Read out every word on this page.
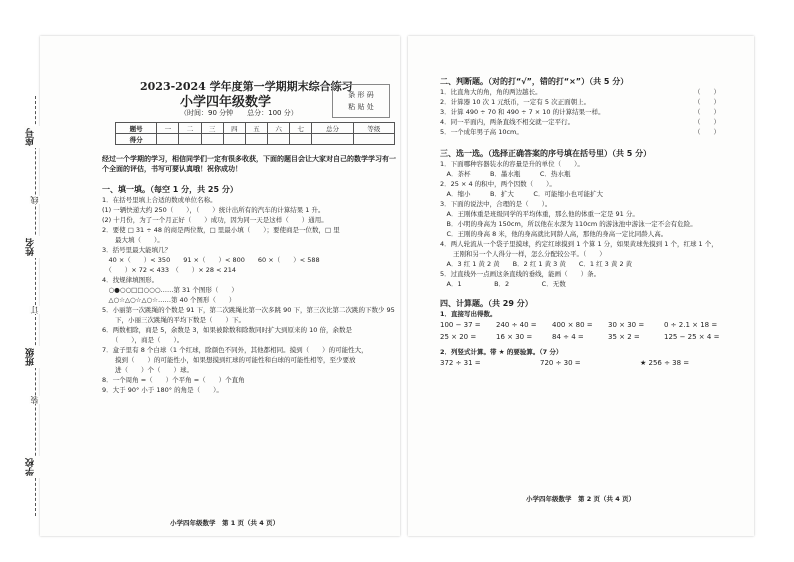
学校
班级
姓名
座号
线
订
装
2023-2024 学年度第一学期期末综合练习
小学四年级数学
（时间：90 分钟　　总分：100 分）
条 形 码
粘 贴 处
题号	一	二	三	四	五	六	七	总分	等级
得分									
经过一个学期的学习，相信同学们一定有很多收获，下面的题目会让大家对自己的数学学习有一个全面的评估，书写可要认真哦！祝你成功！
一、填一填。（每空 1 分，共 25 分）
1．在括号里填上合适的数或单位名称。
(1) 一辆快递大约 250（　　），（　　）统计出所有的汽车的计算结果 1 升。
(2) 十月份，为了一个月正好（　　）成功，因为同一天是这样（　　）通用。
2．要使 □ 31 ÷ 48 的商是两位数，□ 里最小填（　　）；要使商是一位数，□ 里
　　最大填（　　）。
3．括号里最大能填几？
　40 ×（　　）< 350　　91 ×（　　）< 800　　60 ×（　　）< 588
　（　　）× 72 < 433　（　　）× 28 < 214
4．找规律填图形。
　○●○○□□○○○……第 31 个图形（　　）
　△○☆△○☆△○☆……第 40 个图形（　　）
5．小丽第一次跳绳的个数是 91 下，第二次跳绳比第一次多跳 90 下，第三次比第二次跳的下数少 95
　　下，小丽三次跳绳的平均下数是（　　）下。
6．两数相除，商是 5，余数是 3，如果被除数和除数同时扩大到原来的 10 倍，余数是
　　（　　），商是（　　）。
7．盒子里有 8 个白球（1 个红球，除颜色不同外，其他都相同。摸到（　　）的可能性大，
　　摸到（　　）的可能性小，如果想摸到红球的可能性和白球的可能性相等，至少要放
　　进（　　）个（　　）球。
8．一个周角 =（　　）个平角 =（　　）个直角
9．大于 90° 小于 180° 的角是（　　）。
小学四年级数学　第 1 页（共 4 页）
二、判断题。（对的打“√”，错的打“×”）（共 5 分）
1．比直角大的角，角的两边越长。	（　　）
2．计算器 10 次 1 元纸币，一定有 5 次正面朝上。	（　　）
3．计算 490 ÷ 70 和 490 ÷ 7 × 10 的计算结果一样。	（　　）
4．同一平面内，两条直线不相交就一定平行。	（　　）
5．一个成年男子高 10cm。	（　　）
三、选一选。（选择正确答案的序号填在括号里）（共 5 分）
1．下面哪种容器装水的容量是升的单位（　　）。
　A．茶杯　　　B．墨水瓶　　　C．热水瓶
2．25 × 4 的积中，两个因数（　　）。
　A．缩小　　　B．扩大　　　C．可能缩小也可能扩大
3．下面的说法中，合理的是（　　）。
　A．王刚体重是班级同学的平均体重，那么他的体重一定是 91 分。
　B．小明的身高为 150cm，所以他在水深为 110cm 的游泳池中游泳一定不会有危险。
　C．王刚的身高 8 米，他的身高就比同龄人高，那他的身高一定比同龄人高。
4．两人轮流从一个袋子里摸球，约定红球摸到 1 个算 1 分，如果黄球先摸到 1 个，红球 1 个，
　　王刚和另一个人得分一样，怎么分配较公平。（　　）
　A．3 红 1 黄 2 黄　　B．2 红 1 黄 3 黄　　C．1 红 3 黄 2 黄
5．过直线外一点画这条直线的垂线，能画（　　）条。
　A．1　　　　　B．2　　　　　C．无数
四、计算题。（共 29 分）
1．直接写出得数。
100 − 37 = 240 ÷ 40 = 400 × 80 = 30 × 30 =	0 ÷ 2.1 × 18 =
25 × 20 =	16 × 30 =	84 ÷ 4 =	35 × 2 =	125 − 25 × 4 =
2．列竖式计算。带 ★ 的要验算。（7 分）
372 ÷ 31 =	720 ÷ 30 =	★ 256 ÷ 38 =
小学四年级数学　第 2 页（共 4 页）
